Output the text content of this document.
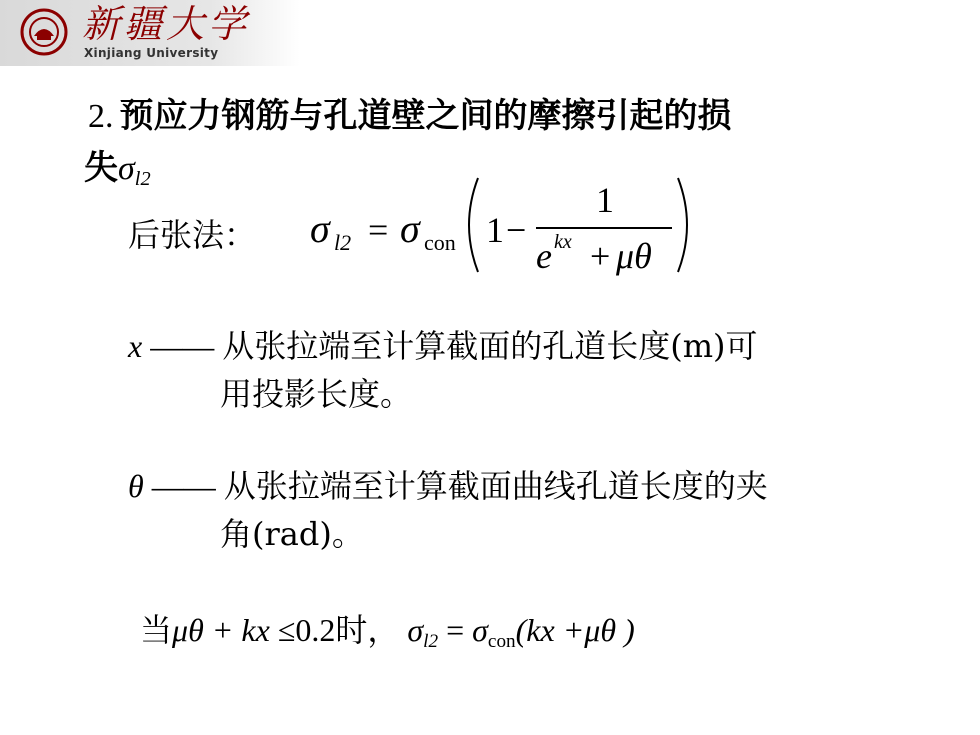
新疆大学
Xinjiang University
2. 预应力钢筋与孔道壁之间的摩擦引起的损
失$\sigma_{l2}$
后张法： σ l2 = σ con 1 −
1
e kx + μθ
x —— 从张拉端至计算截面的孔道长度(m)可
用投影长度。
θ —— 从张拉端至计算截面曲线孔道长度的夹
角(rad)。
当μθ + kx ≤0.2时， $\sigma_{l2} = \sigma con(kx +\mu\theta$ )
